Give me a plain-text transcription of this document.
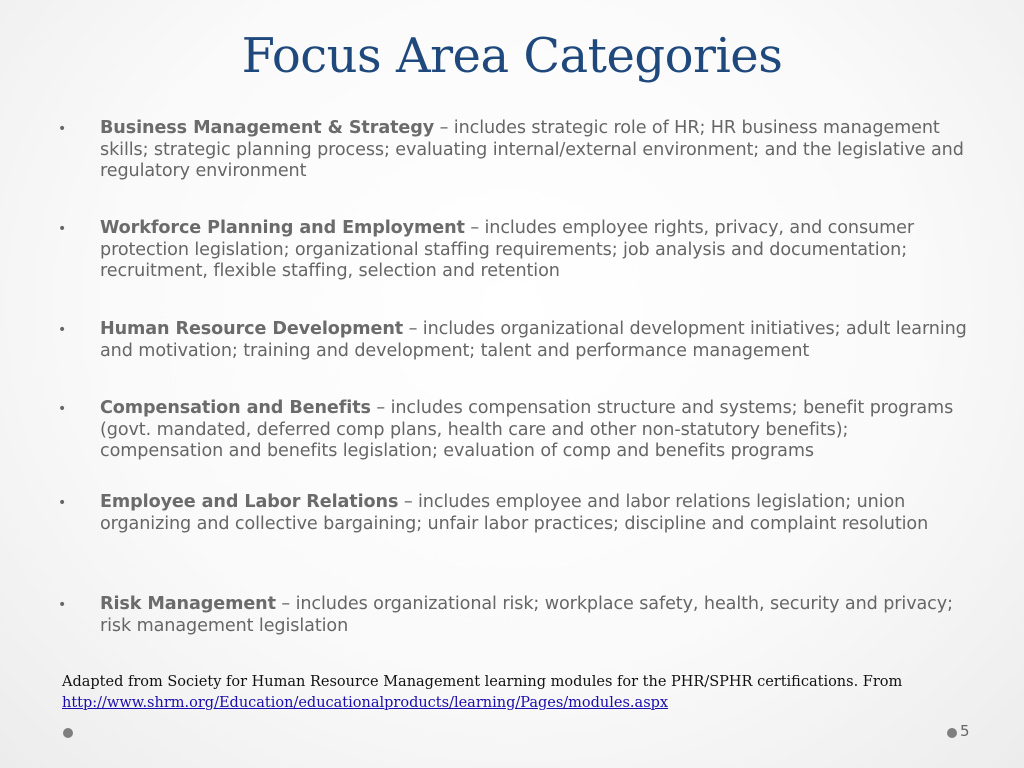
Focus Area Categories
• Business Management & Strategy – includes strategic role of HR; HR business management skills; strategic planning process; evaluating internal/external environment; and the legislative and regulatory environment
• Workforce Planning and Employment – includes employee rights, privacy, and consumer protection legislation; organizational staffing requirements; job analysis and documentation; recruitment, flexible staffing, selection and retention
• Human Resource Development – includes organizational development initiatives; adult learning and motivation; training and development; talent and performance management
• Compensation and Benefits – includes compensation structure and systems; benefit programs (govt. mandated, deferred comp plans, health care and other non-statutory benefits); compensation and benefits legislation; evaluation of comp and benefits programs
• Employee and Labor Relations – includes employee and labor relations legislation; union organizing and collective bargaining; unfair labor practices; discipline and complaint resolution
• Risk Management – includes organizational risk; workplace safety, health, security and privacy; risk management legislation
Adapted from Society for Human Resource Management learning modules for the PHR/SPHR certifications. From
http://www.shrm.org/Education/educationalproducts/learning/Pages/modules.aspx
5
